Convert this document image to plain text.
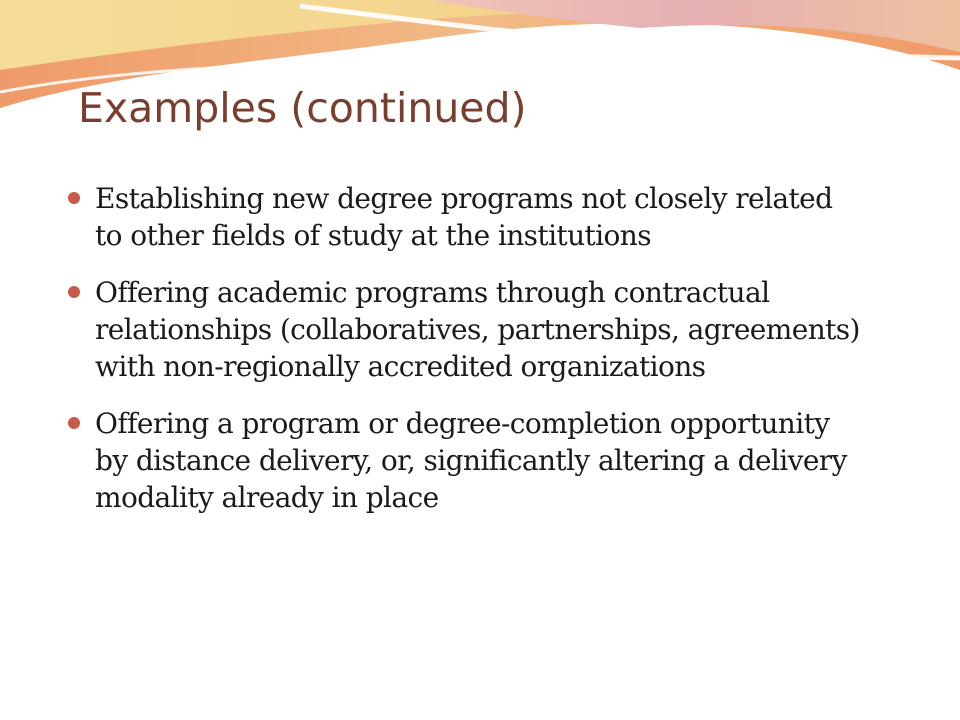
Examples (continued)
Establishing new degree programs not closely related to other fields of study at the institutions
Offering academic programs through contractual relationships (collaboratives, partnerships, agreements) with non-regionally accredited organizations
Offering a program or degree-completion opportunity by distance delivery, or, significantly altering a delivery modality already in place
